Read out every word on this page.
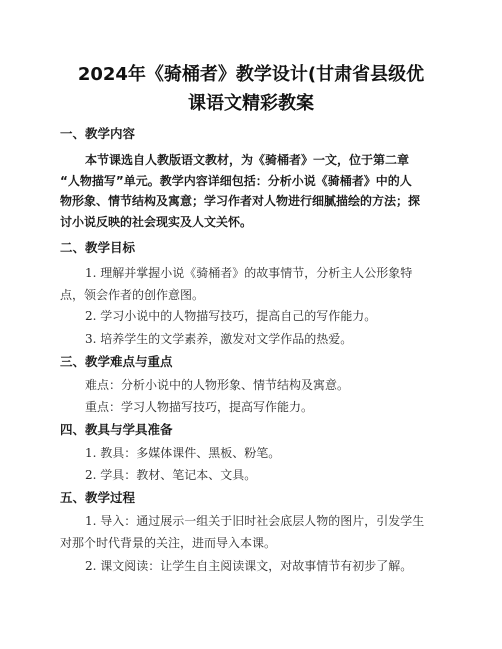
2024年《骑桶者》教学设计(甘肃省县级优
课语文精彩教案
一、教学内容
本节课选自人教版语文教材，为《骑桶者》一文，位于第二章
“人物描写”单元。教学内容详细包括：分析小说《骑桶者》中的人
物形象、情节结构及寓意；学习作者对人物进行细腻描绘的方法；探
讨小说反映的社会现实及人文关怀。
二、教学目标
1. 理解并掌握小说《骑桶者》的故事情节，分析主人公形象特
点，领会作者的创作意图。
2. 学习小说中的人物描写技巧，提高自己的写作能力。
3. 培养学生的文学素养，激发对文学作品的热爱。
三、教学难点与重点
难点：分析小说中的人物形象、情节结构及寓意。
重点：学习人物描写技巧，提高写作能力。
四、教具与学具准备
1. 教具：多媒体课件、黑板、粉笔。
2. 学具：教材、笔记本、文具。
五、教学过程
1. 导入：通过展示一组关于旧时社会底层人物的图片，引发学生
对那个时代背景的关注，进而导入本课。
2. 课文阅读：让学生自主阅读课文，对故事情节有初步了解。
